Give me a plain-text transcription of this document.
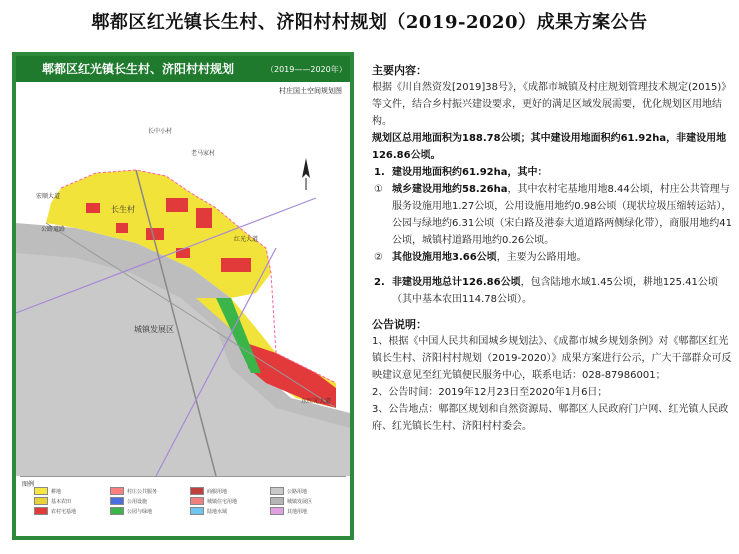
郫都区红光镇长生村、济阳村村规划（2019-2020）成果方案公告
郫都区红光镇长生村、济阳村村规划	（2019——2020年）
村庄国土空间规划图
长生村
城镇发展区
长中小村
老马家村
宏顺大道
公路道路
红光大道
东红光大道
图例
耕地
基本农田
农村宅基地
村庄公共服务
公用设施
公园与绿地
商服用地
城镇住宅用地
陆地水域
公路用地
城镇发展区
其他用地
主要内容：

根据《川自然资发[2019]38号》，《成都市城镇及村庄规划管理技术规定(2015)》等文件，结合乡村振兴建设要求，更好的满足区域发展需要，优化规划区用地结构。

规划区总用地面积为188.78公顷；其中建设用地面积约61.92ha，非建设用地126.86公顷。

1. 建设用地面积约61.92ha，其中：
① 城乡建设用地约58.26ha，其中农村宅基地用地8.44公顷，村庄公共管理与服务设施用地1.27公顷，公用设施用地约0.98公顷（现状垃圾压缩转运站），公园与绿地约6.31公顷（宋白路及港泰大道道路两侧绿化带），商服用地约41公顷，城镇村道路用地约0.26公顷。
② 其他设施用地3.66公顷，主要为公路用地。
2. 非建设用地总计126.86公顷，包含陆地水域1.45公顷，耕地125.41公顷（其中基本农田114.78公顷）。
公告说明：

1、根据《中国人民共和国城乡规划法》、《成都市城乡规划条例》对《郫都区红光镇长生村、济阳村村规划（2019-2020）》成果方案进行公示，广大干部群众可反映建议意见至红光镇便民服务中心，联系电话：028-87986001；

2、公告时间：2019年12月23日至2020年1月6日；

3、公告地点：郫都区规划和自然资源局、郫都区人民政府门户网、红光镇人民政府、红光镇长生村、济阳村村委会。
